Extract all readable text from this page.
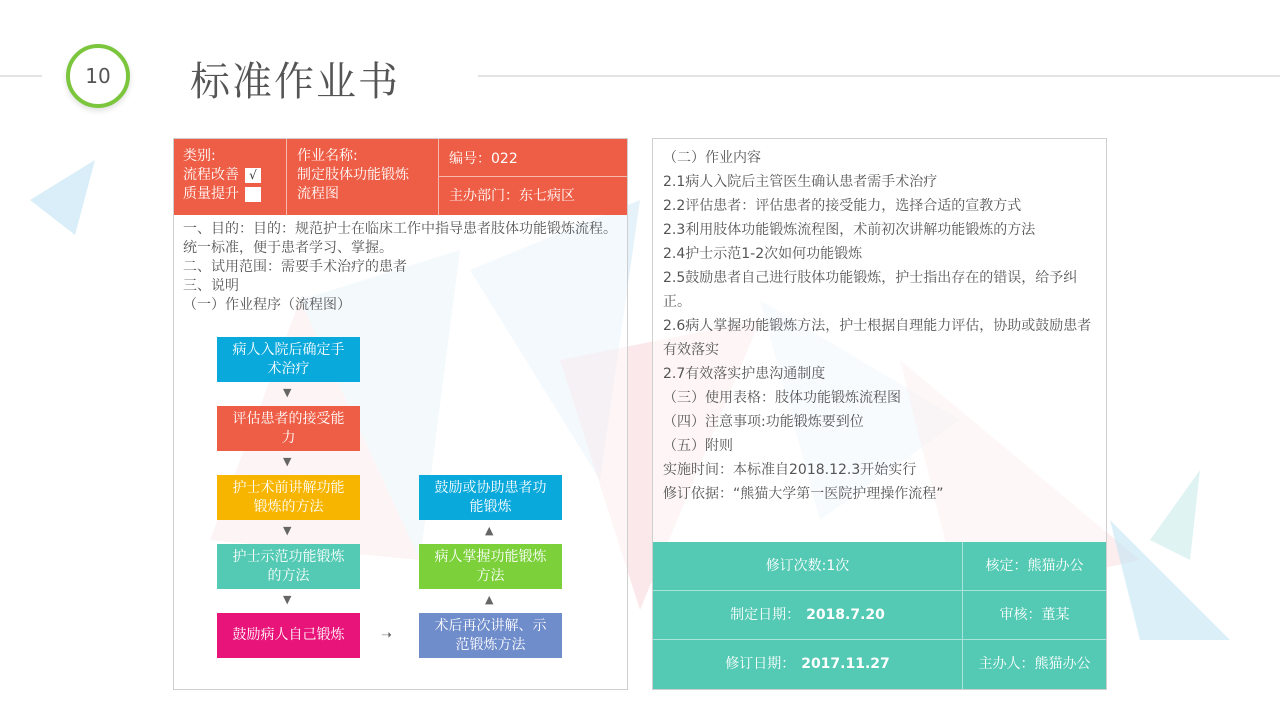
10 标准作业书
类别:
流程改善 √
质量提升
作业名称:
制定肢体功能锻炼
流程图
编号：022
主办部门：东七病区

一、目的：目的：规范护士在临床工作中指导患者肢体功能锻炼流程。统一标准，便于患者学习、掌握。

二、试用范围：需要手术治疗的患者

三、说明

（一）作业程序（流程图）

病人入院后确定手术治疗
▼
评估患者的接受能力
▼
护士术前讲解功能锻炼的方法
▼
护士示范功能锻炼的方法
▼
鼓励病人自己锻炼	➝
术后再次讲解、示范锻炼方法
▲
病人掌握功能锻炼方法
▲
鼓励或协助患者功能锻炼

（二）作业内容

2.1病人入院后主管医生确认患者需手术治疗

2.2评估患者：评估患者的接受能力，选择合适的宣教方式

2.3利用肢体功能锻炼流程图，术前初次讲解功能锻炼的方法

2.4护士示范1-2次如何功能锻炼

2.5鼓励患者自己进行肢体功能锻炼，护士指出存在的错误，给予纠正。

2.6病人掌握功能锻炼方法，护士根据自理能力评估，协助或鼓励患者有效落实

2.7有效落实护患沟通制度

（三）使用表格：肢体功能锻炼流程图

（四）注意事项:功能锻炼要到位

（五）附则

实施时间：本标准自2018.12.3开始实行

修订依据：“熊猫大学第一医院护理操作流程”

修订次数:1次	核定：熊猫办公
制定日期： 2018.7.20	审核：董某
修订日期： 2017.11.27	主办人：熊猫办公
